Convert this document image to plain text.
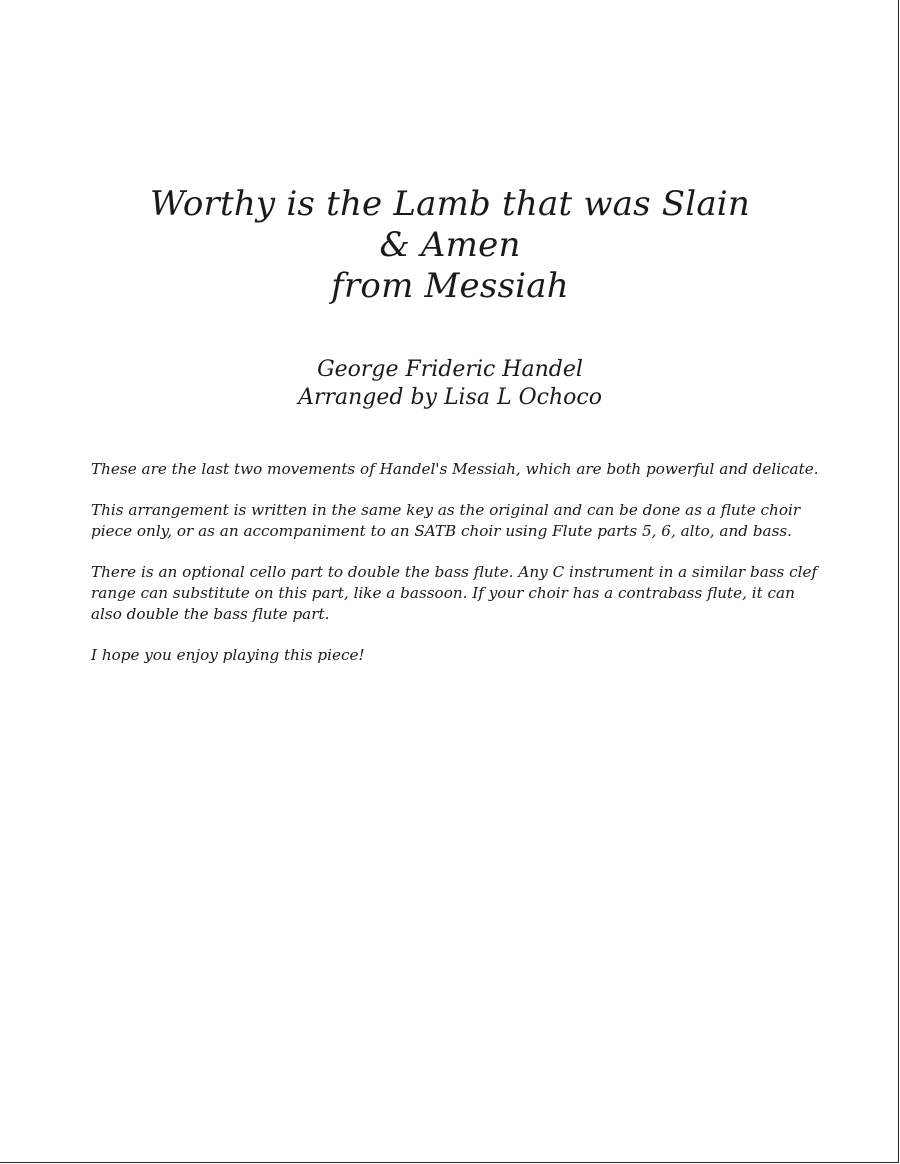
Worthy is the Lamb that was Slain
& Amen
from Messiah
George Frideric Handel
Arranged by Lisa L Ochoco

These are the last two movements of Handel's Messiah, which are both powerful and delicate.

This arrangement is written in the same key as the original and can be done as a flute choir piece only, or as an accompaniment to an SATB choir using Flute parts 5, 6, alto, and bass.

There is an optional cello part to double the bass flute. Any C instrument in a similar bass clef range can substitute on this part, like a bassoon. If your choir has a contrabass flute, it can also double the bass flute part.

I hope you enjoy playing this piece!
